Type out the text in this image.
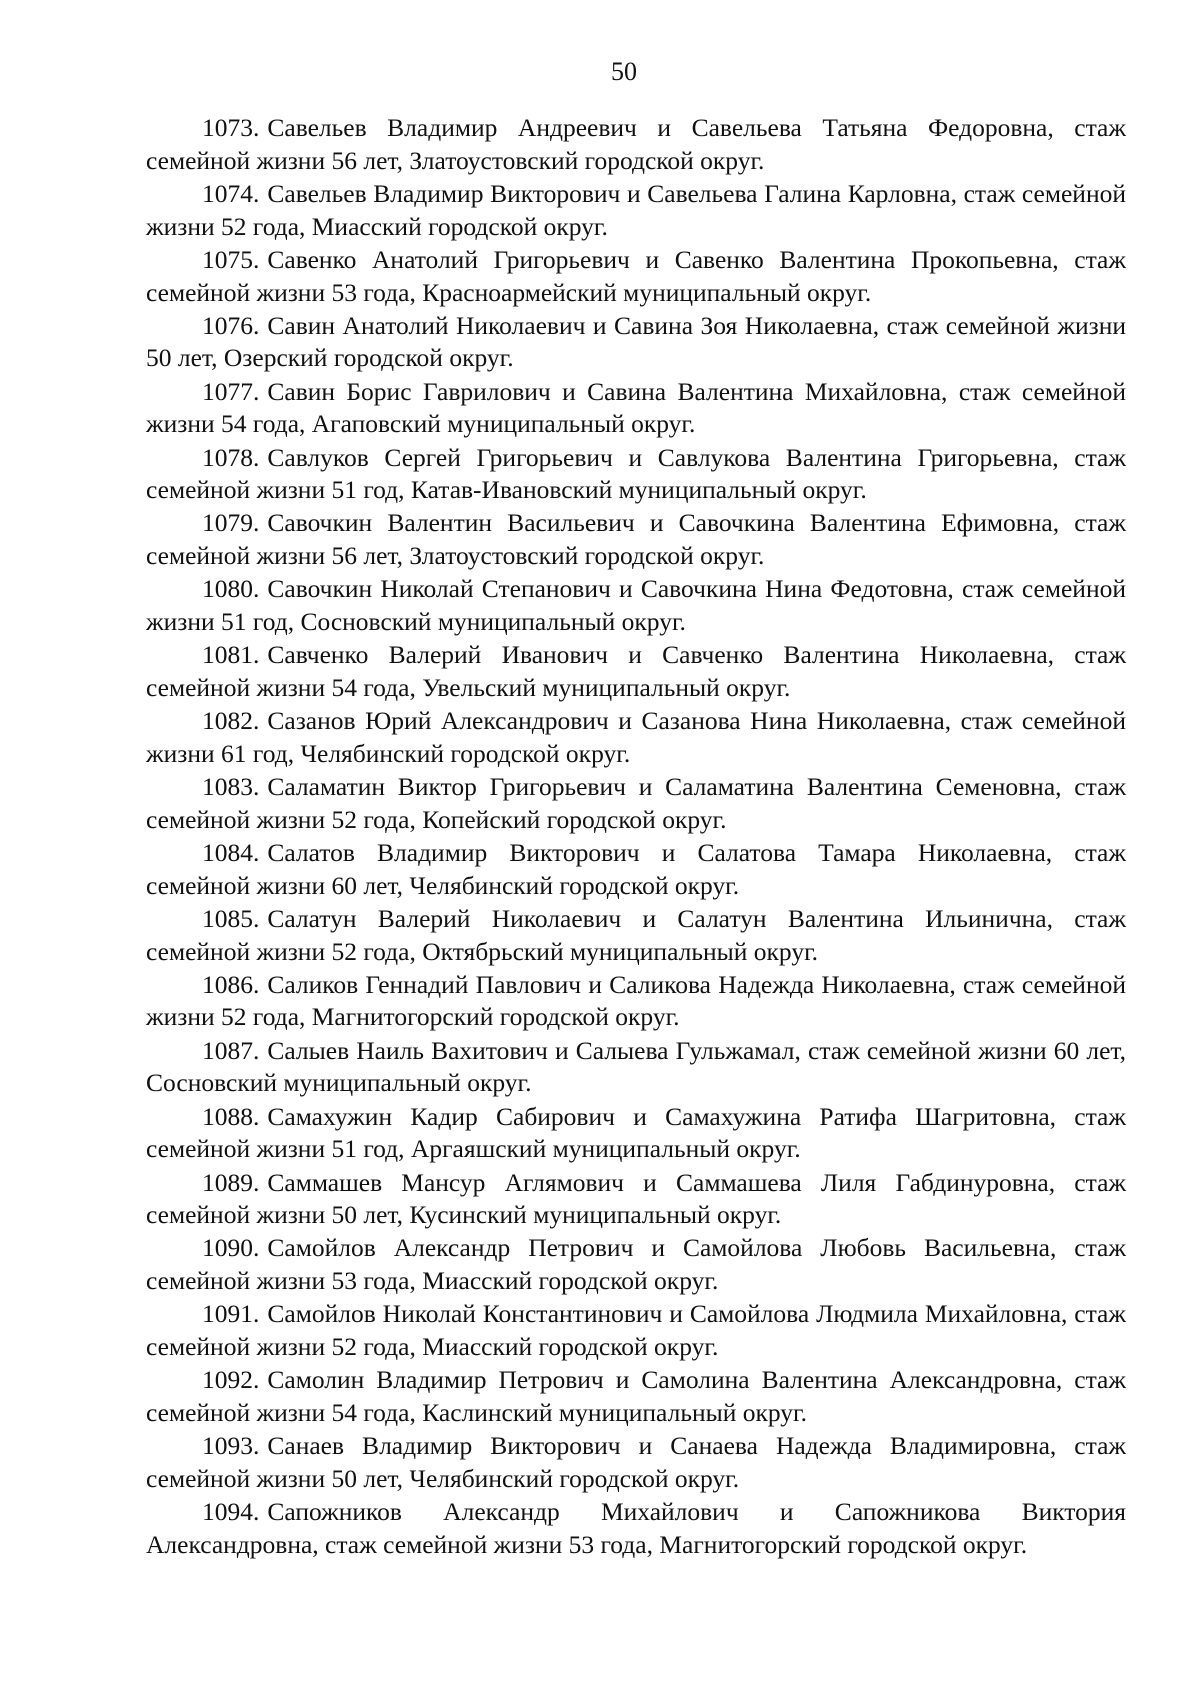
50

1073. Савельев Владимир Андреевич и Савельева Татьяна Федоровна, стаж семейной жизни 56 лет, Златоустовский городской округ.

1074. Савельев Владимир Викторович и Савельева Галина Карловна, стаж семейной жизни 52 года, Миасский городской округ.

1075. Савенко Анатолий Григорьевич и Савенко Валентина Прокопьевна, стаж семейной жизни 53 года, Красноармейский муниципальный округ.

1076. Савин Анатолий Николаевич и Савина Зоя Николаевна, стаж семейной жизни 50 лет, Озерский городской округ.

1077. Савин Борис Гаврилович и Савина Валентина Михайловна, стаж семейной жизни 54 года, Агаповский муниципальный округ.

1078. Савлуков Сергей Григорьевич и Савлукова Валентина Григорьевна, стаж семейной жизни 51 год, Катав-Ивановский муниципальный округ.

1079. Савочкин Валентин Васильевич и Савочкина Валентина Ефимовна, стаж семейной жизни 56 лет, Златоустовский городской округ.

1080. Савочкин Николай Степанович и Савочкина Нина Федотовна, стаж семейной жизни 51 год, Сосновский муниципальный округ.

1081. Савченко Валерий Иванович и Савченко Валентина Николаевна, стаж семейной жизни 54 года, Увельский муниципальный округ.

1082. Сазанов Юрий Александрович и Сазанова Нина Николаевна, стаж семейной жизни 61 год, Челябинский городской округ.

1083. Саламатин Виктор Григорьевич и Саламатина Валентина Семеновна, стаж семейной жизни 52 года, Копейский городской округ.

1084. Салатов Владимир Викторович и Салатова Тамара Николаевна, стаж семейной жизни 60 лет, Челябинский городской округ.

1085. Салатун Валерий Николаевич и Салатун Валентина Ильинична, стаж семейной жизни 52 года, Октябрьский муниципальный округ.

1086. Саликов Геннадий Павлович и Саликова Надежда Николаевна, стаж семейной жизни 52 года, Магнитогорский городской округ.

1087. Салыев Наиль Вахитович и Салыева Гульжамал, стаж семейной жизни 60 лет, Сосновский муниципальный округ.

1088. Самахужин Кадир Сабирович и Самахужина Ратифа Шагритовна, стаж семейной жизни 51 год, Аргаяшский муниципальный округ.

1089. Саммашев Мансур Аглямович и Саммашева Лиля Габдинуровна, стаж семейной жизни 50 лет, Кусинский муниципальный округ.

1090. Самойлов Александр Петрович и Самойлова Любовь Васильевна, стаж семейной жизни 53 года, Миасский городской округ.

1091. Самойлов Николай Константинович и Самойлова Людмила Михайловна, стаж семейной жизни 52 года, Миасский городской округ.

1092. Самолин Владимир Петрович и Самолина Валентина Александровна, стаж семейной жизни 54 года, Каслинский муниципальный округ.

1093. Санаев Владимир Викторович и Санаева Надежда Владимировна, стаж семейной жизни 50 лет, Челябинский городской округ.

1094. Сапожников Александр Михайлович и Сапожникова Виктория Александровна, стаж семейной жизни 53 года, Магнитогорский городской округ.
